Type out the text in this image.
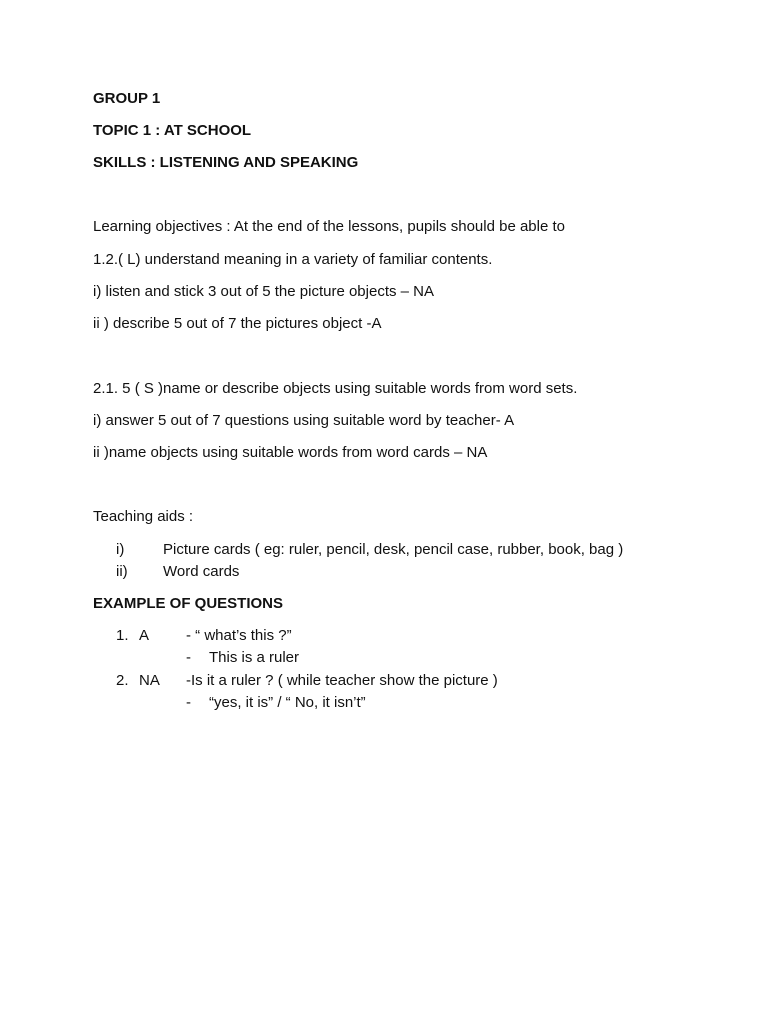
GROUP 1
TOPIC 1 : AT SCHOOL
SKILLS : LISTENING AND SPEAKING
Learning objectives : At the end of the lessons, pupils should be able to
1.2.( L) understand meaning in a variety of familiar contents.
i) listen and stick 3 out of 5 the picture objects – NA
ii ) describe 5 out of 7 the pictures object -A
2.1. 5 ( S )name or describe objects using suitable words from word sets.
i) answer 5 out of 7 questions using suitable word by teacher- A
ii )name objects using suitable words from word cards – NA
Teaching aids :
i)	Picture cards ( eg: ruler, pencil, desk, pencil case, rubber, book, bag )
ii) Word cards
EXAMPLE OF QUESTIONS
1. A - “ what’s this ?”
- This is a ruler
2. NA -Is it a ruler ? ( while teacher show the picture )
- “yes, it is” / “ No, it isn’t”
